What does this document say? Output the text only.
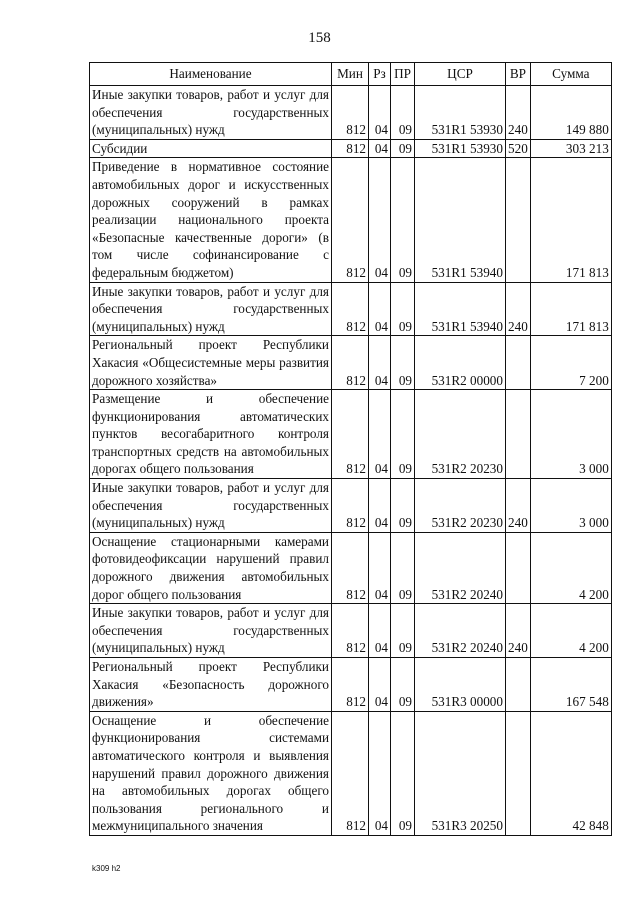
158
Наименование	Мин	Рз	ПР	ЦСР	ВР	Сумма
Иные закупки товаров, работ и услуг для обеспечения государственных (муниципальных) нужд	812	04	09	531R1 53930	240	149 880
Субсидии	812	04	09	531R1 53930	520	303 213
Приведение в нормативное состояние автомобильных дорог и искусственных дорожных сооружений в рамках реализации национального проекта «Безопасные качественные дороги» (в том числе софинансирование с федеральным бюджетом)	812	04	09	531R1 53940		171 813
Иные закупки товаров, работ и услуг для обеспечения государственных (муниципальных) нужд	812	04	09	531R1 53940	240	171 813
Региональный проект Республики Хакасия «Общесистемные меры развития дорожного хозяйства»	812	04	09	531R2 00000		7 200
Размещение и обеспечение функционирования автоматических пунктов весогабаритного контроля транспортных средств на автомобильных дорогах общего пользования	812	04	09	531R2 20230		3 000
Иные закупки товаров, работ и услуг для обеспечения государственных (муниципальных) нужд	812	04	09	531R2 20230	240	3 000
Оснащение стационарными камерами фотовидеофиксации нарушений правил дорожного движения автомобильных дорог общего пользования	812	04	09	531R2 20240		4 200
Иные закупки товаров, работ и услуг для обеспечения государственных (муниципальных) нужд	812	04	09	531R2 20240	240	4 200
Региональный проект Республики Хакасия «Безопасность дорожного движения»	812	04	09	531R3 00000		167 548
Оснащение и обеспечение функционирования системами автоматического контроля и выявления нарушений правил дорожного движения на автомобильных дорогах общего пользования регионального и межмуниципального значения	812	04	09	531R3 20250		42 848
k309 h2
